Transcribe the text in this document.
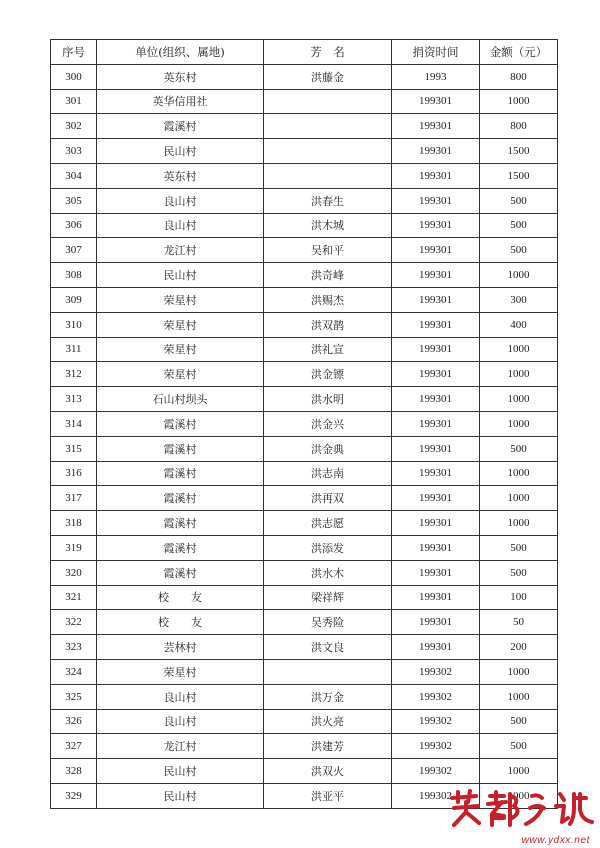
序号	单位(组织、属地)	芳　名	捐资时间	金额（元）
300	英东村	洪藤金	1993	800
301	英华信用社		199301	1000
302	霞溪村		199301	800
303	民山村		199301	1500
304	英东村		199301	1500
305	良山村	洪春生	199301	500
306	良山村	洪木城	199301	500
307	龙江村	吴和平	199301	500
308	民山村	洪奇峰	199301	1000
309	荣星村	洪赐杰	199301	300
310	荣星村	洪双鹊	199301	400
311	荣星村	洪礼宣	199301	1000
312	荣星村	洪金镖	199301	1000
313	石山村坝头	洪水明	199301	1000
314	霞溪村	洪金兴	199301	1000
315	霞溪村	洪金典	199301	500
316	霞溪村	洪志南	199301	1000
317	霞溪村	洪再双	199301	1000
318	霞溪村	洪志愿	199301	1000
319	霞溪村	洪添发	199301	500
320	霞溪村	洪水木	199301	500
321	校　　友	梁祥辉	199301	100
322	校　　友	吴秀险	199301	50
323	芸林村	洪文良	199301	200
324	荣星村		199302	1000
325	良山村	洪万金	199302	1000
326	良山村	洪火亮	199302	500
327	龙江村	洪建芳	199302	500
328	民山村	洪双火	199302	1000
329	民山村	洪亚平	199302	1000
www.ydxx.net
